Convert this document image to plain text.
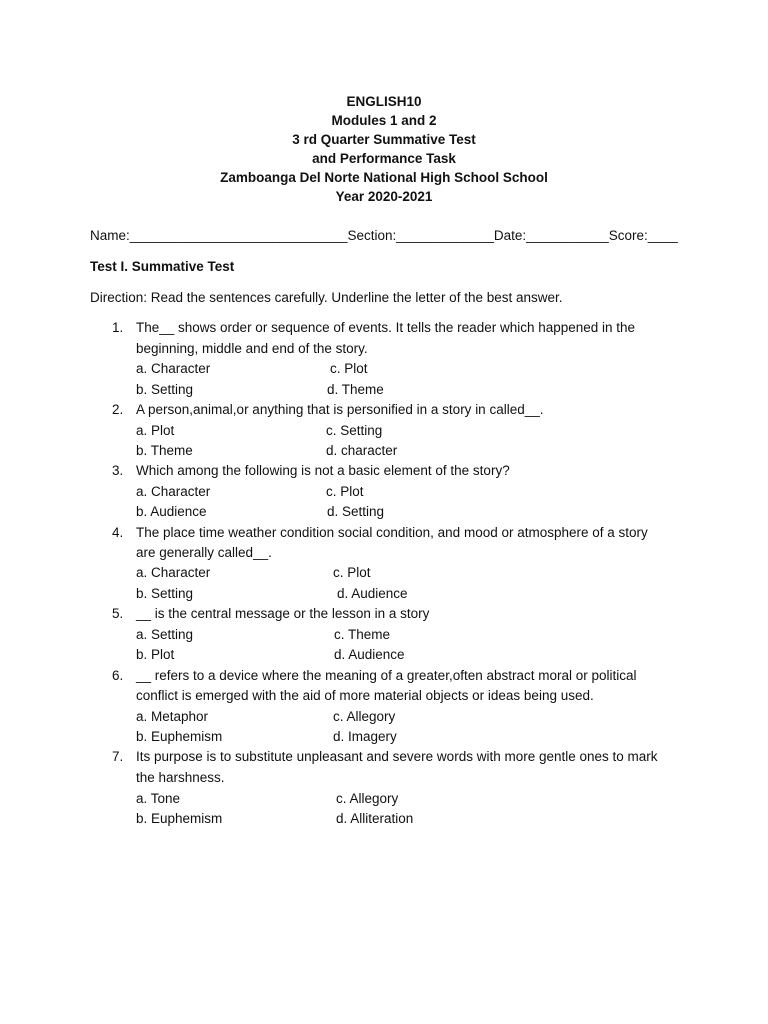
ENGLISH10
Modules 1 and 2
3 rd Quarter Summative Test
and Performance Task
Zamboanga Del Norte National High School School
Year 2020-2021
Name:_____________________________Section:_____________Date:___________Score:____
Test I. Summative Test
Direction: Read the sentences carefully. Underline the letter of the best answer.
1. The__ shows order or sequence of events. It tells the reader which happened in the
beginning, middle and end of the story.
a. Character	c. Plot
b. Setting	d. Theme
2. A person,animal,or anything that is personified in a story in called__.
a. Plot	c. Setting
b. Theme	d. character
3. Which among the following is not a basic element of the story?
a. Character	c. Plot
b. Audience	d. Setting
4. The place time weather condition social condition, and mood or atmosphere of a story
are generally called__.
a. Character	c. Plot
b. Setting	d. Audience
5. __ is the central message or the lesson in a story
a. Setting	c. Theme
b. Plot	d. Audience
6. __ refers to a device where the meaning of a greater,often abstract moral or political
conflict is emerged with the aid of more material objects or ideas being used.
a. Metaphor	c. Allegory
b. Euphemism	d. Imagery
7. Its purpose is to substitute unpleasant and severe words with more gentle ones to mark
the harshness.
a. Tone	c. Allegory
b. Euphemism	d. Alliteration
